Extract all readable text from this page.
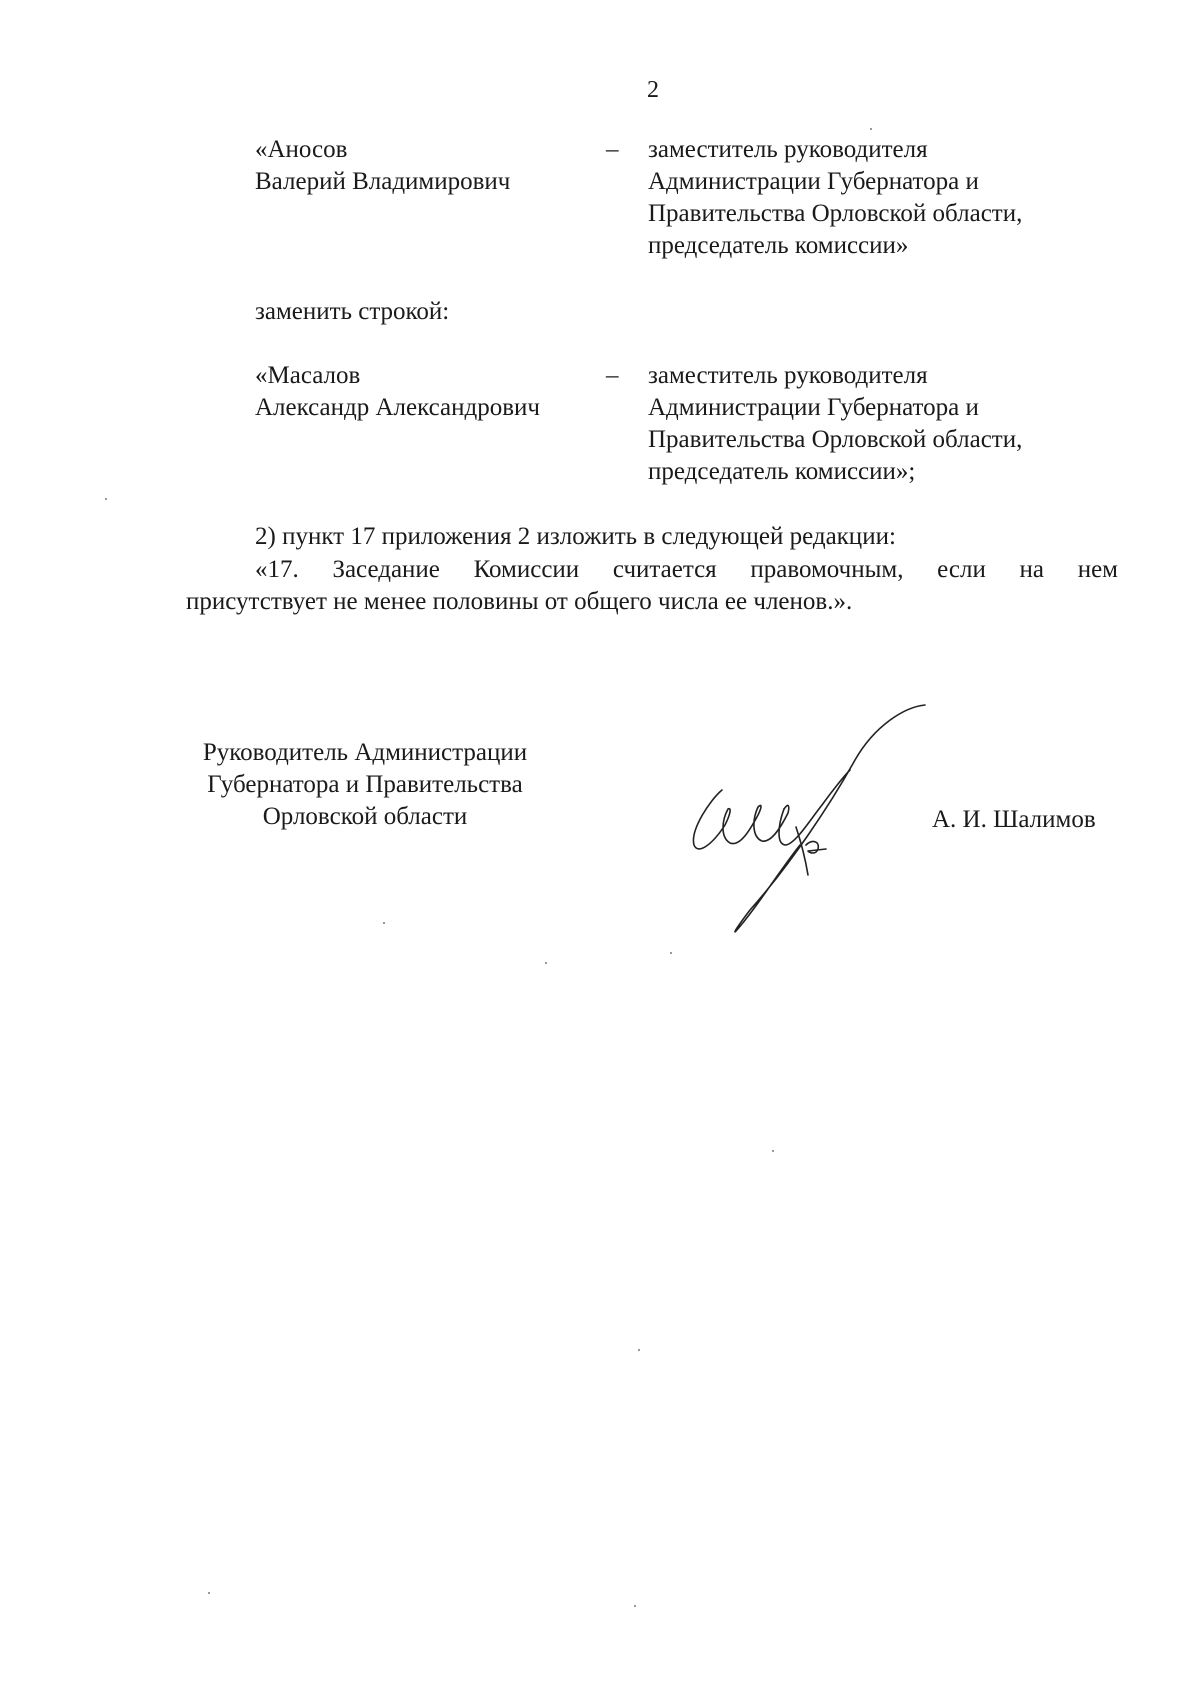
2
«Аносов
Валерий Владимирович
– заместитель руководителя
Администрации Губернатора и
Правительства Орловской области,
председатель комиссии»
заменить строкой:
«Масалов
Александр Александрович
– заместитель руководителя
Администрации Губернатора и
Правительства Орловской области,
председатель комиссии»;
2) пункт 17 приложения 2 изложить в следующей редакции:
«17. Заседание Комиссии считается правомочным, если на нем
присутствует не менее половины от общего числа ее членов.».
Руководитель Администрации
Губернатора и Правительства
Орловской области	А. И. Шалимов
